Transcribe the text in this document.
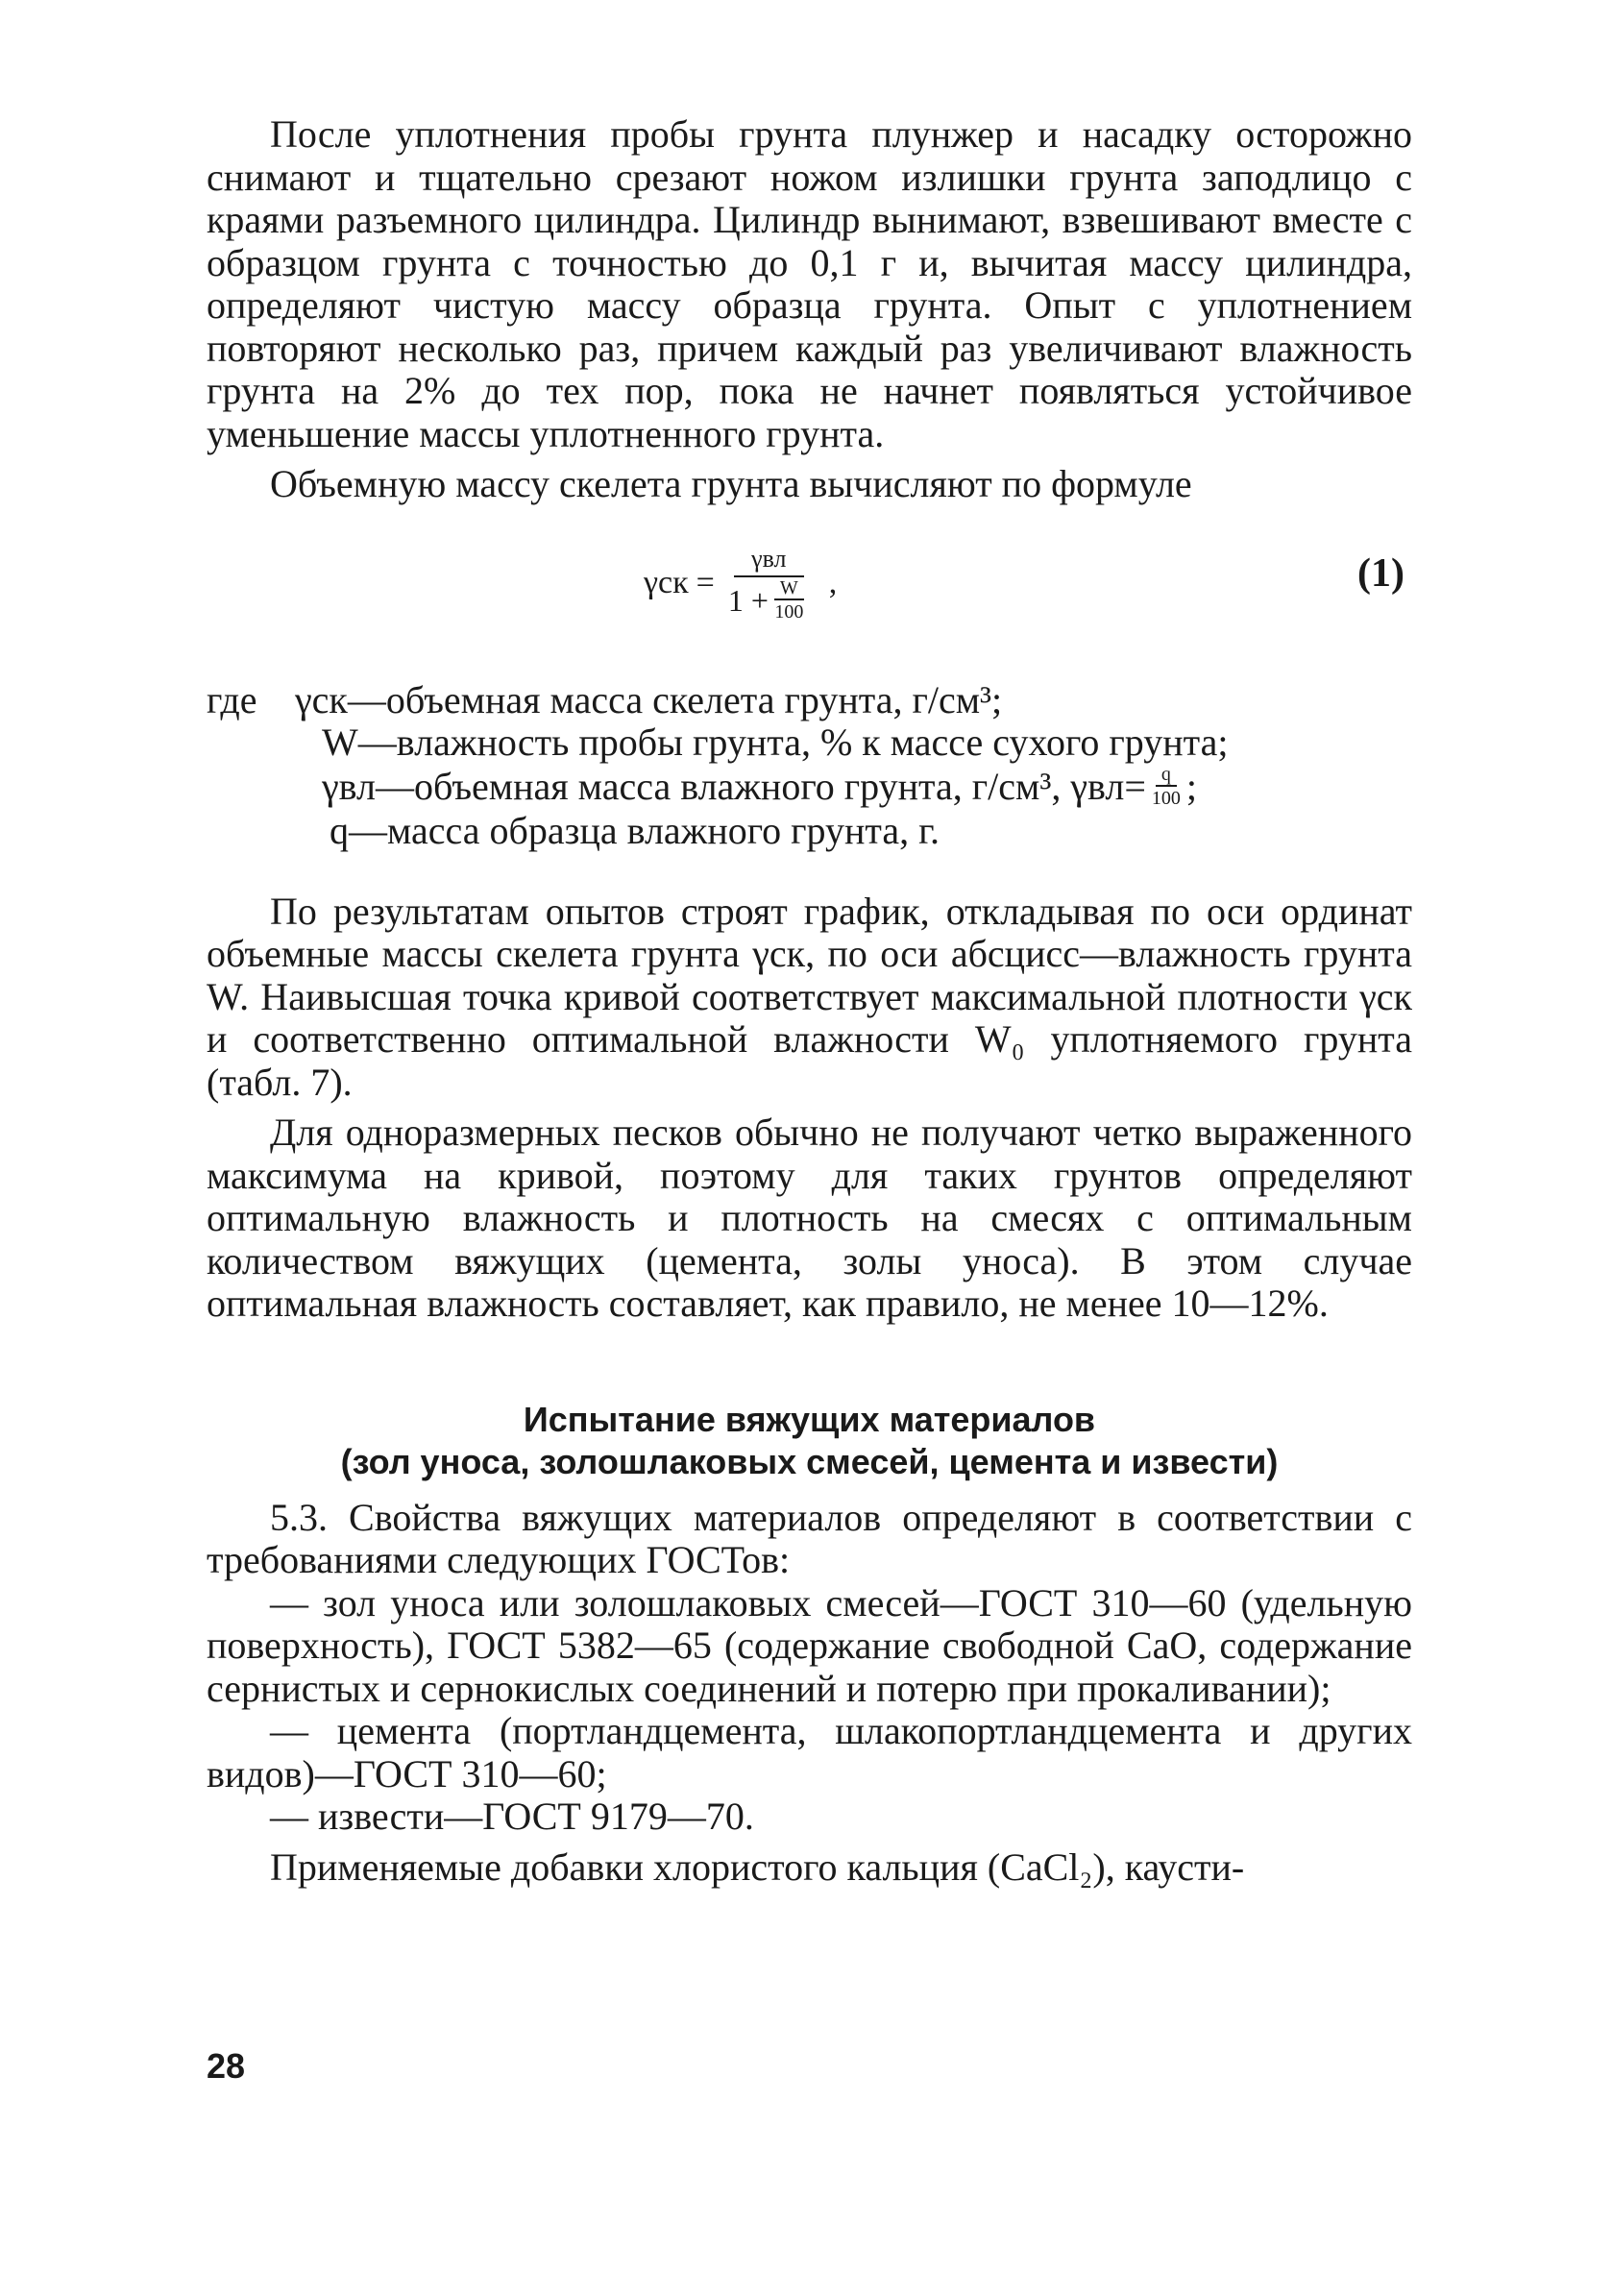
После уплотнения пробы грунта плунжер и насадку осторожно снимают и тщательно срезают ножом излишки грунта заподлицо с краями разъемного цилиндра. Цилиндр вынимают, взвешивают вместе с образцом грунта с точностью до 0,1 г и, вычитая массу цилиндра, определяют чистую массу образца грунта. Опыт с уплотнением повторяют несколько раз, причем каждый раз увеличивают влажность грунта на 2% до тех пор, пока не начнет появляться устойчивое уменьшение массы уплотненного грунта.

Объемную массу скелета грунта вычисляют по формуле

$\gamma ск = \frac{\text{γвл}}{1 + \frac{W}{100}}$ ,	(1)
где γск—объемная масса скелета грунта, г/см³;
W—влажность пробы грунта, % к массе сухого грунта;
γвл—объемная масса влажного грунта, г/см³, $\gamma вл= \frac{q}{100}$ ;
q—масса образца влажного грунта, г.

По результатам опытов строят график, откладывая по оси ординат объемные массы скелета грунта γск, по оси абсцисс—влажность грунта W. Наивысшая точка кривой соответствует максимальной плотности γск и соответственно оптимальной влажности W₀ уплотняемого грунта (табл. 7).

Для одноразмерных песков обычно не получают четко выраженного максимума на кривой, поэтому для таких грунтов определяют оптимальную влажность и плотность на смесях с оптимальным количеством вяжущих (цемента, золы уноса). В этом случае оптимальная влажность составляет, как правило, не менее 10—12%.

Испытание вяжущих материалов
(зол уноса, золошлаковых смесей, цемента и извести)

5.3. Свойства вяжущих материалов определяют в соответствии с требованиями следующих ГОСТов:

— зол уноса или золошлаковых смесей—ГОСТ 310—60 (удельную поверхность), ГОСТ 5382—65 (содержание свободной СаО, содержание сернистых и сернокислых соединений и потерю при прокаливании);

— цемента (портландцемента, шлакопортландцемента и других видов)—ГОСТ 310—60;

— извести—ГОСТ 9179—70.

Применяемые добавки хлористого кальция (CaCl₂), каусти-

28
